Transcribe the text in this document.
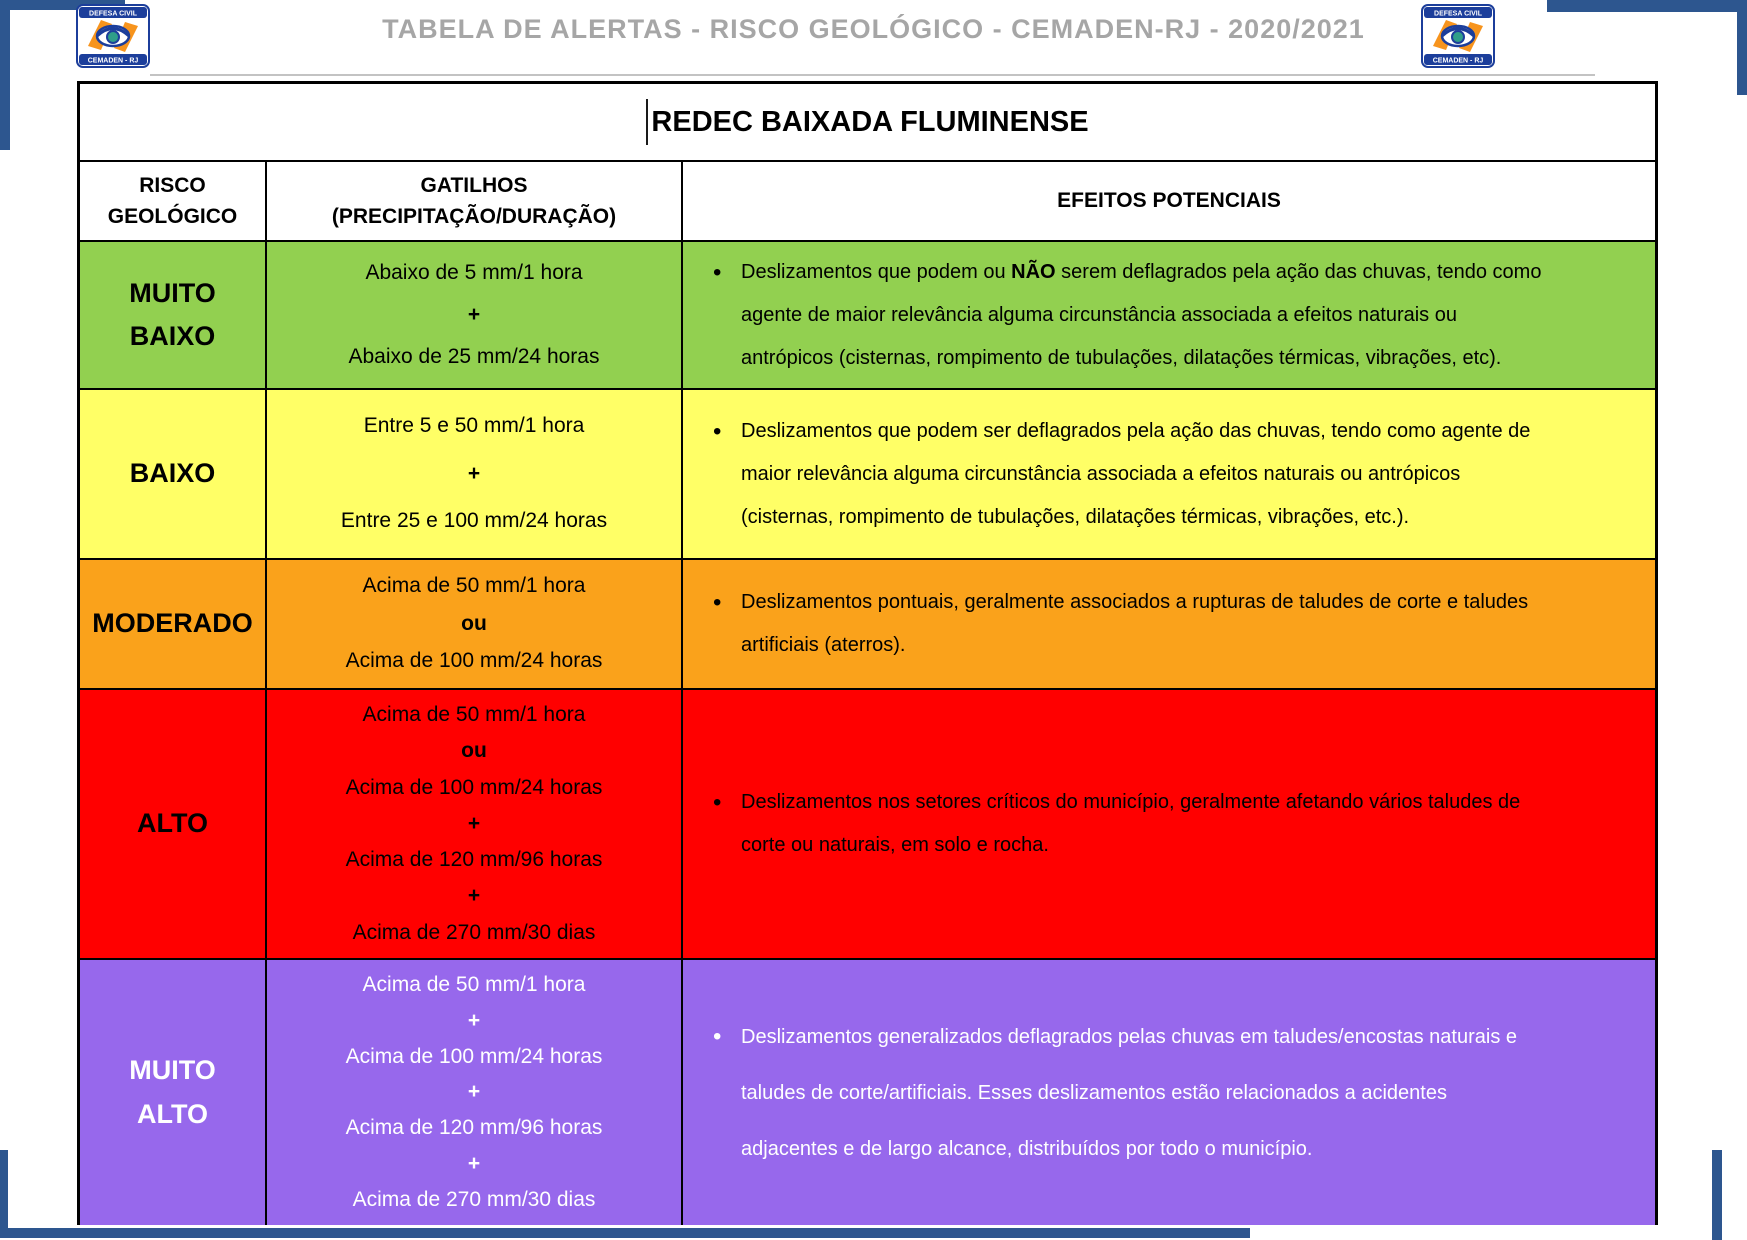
DEFESA CIVIL
CEMADEN - RJ
DEFESA CIVIL
CEMADEN - RJ
TABELA DE ALERTAS - RISCO GEOLÓGICO - CEMADEN-RJ - 2020/2021
REDEC BAIXADA FLUMINENSE
RISCO
GEOLÓGICO
GATILHOS
(PRECIPITAÇÃO/DURAÇÃO)
EFEITOS POTENCIAIS
MUITO
BAIXO
Abaixo de 5 mm/1 hora
+
Abaixo de 25 mm/24 horas
• Deslizamentos que podem ou NÃO serem deflagrados pela ação das chuvas, tendo como
agente de maior relevância alguma circunstância associada a efeitos naturais ou
antrópicos (cisternas, rompimento de tubulações, dilatações térmicas, vibrações, etc).
BAIXO
Entre 5 e 50 mm/1 hora
+
Entre 25 e 100 mm/24 horas
• Deslizamentos que podem ser deflagrados pela ação das chuvas, tendo como agente de
maior relevância alguma circunstância associada a efeitos naturais ou antrópicos
(cisternas, rompimento de tubulações, dilatações térmicas, vibrações, etc.).
MODERADO
Acima de 50 mm/1 hora
ou
Acima de 100 mm/24 horas
• Deslizamentos pontuais, geralmente associados a rupturas de taludes de corte e taludes
artificiais (aterros).
ALTO
Acima de 50 mm/1 hora
ou
Acima de 100 mm/24 horas
+
Acima de 120 mm/96 horas
+
Acima de 270 mm/30 dias
• Deslizamentos nos setores críticos do município, geralmente afetando vários taludes de
corte ou naturais, em solo e rocha.
MUITO
ALTO
Acima de 50 mm/1 hora
+
Acima de 100 mm/24 horas
+
Acima de 120 mm/96 horas
+
Acima de 270 mm/30 dias
• Deslizamentos generalizados deflagrados pelas chuvas em taludes/encostas naturais e
taludes de corte/artificiais. Esses deslizamentos estão relacionados a acidentes
adjacentes e de largo alcance, distribuídos por todo o município.
